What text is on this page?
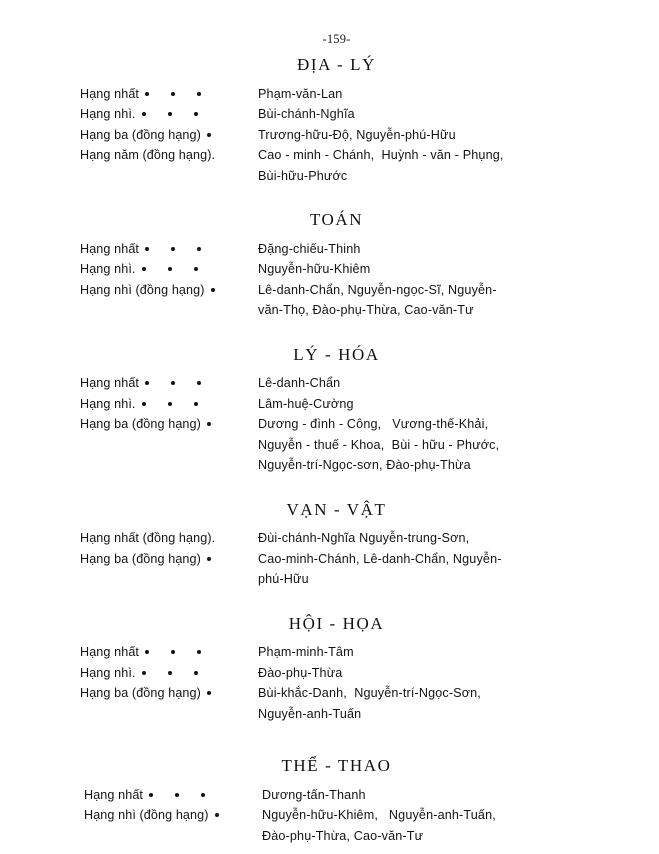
-159-
ĐỊA - LÝ
Hạng nhất	Phạm-văn-Lan
Hạng nhì.	Bùi-chánh-Nghĩa
Hạng ba (đồng hạng)	Trương-hữu-Độ, Nguyễn-phú-Hữu
Hạng năm (đồng hạng).	Cao - minh - Chánh,  Huỳnh - văn - Phụng,
Bùi-hữu-Phước
TOÁN
Hạng nhất	Đặng-chiếu-Thinh
Hạng nhì.	Nguyễn-hữu-Khiêm
Hạng nhì (đồng hạng)	Lê-danh-Chẩn, Nguyễn-ngọc-Sĩ, Nguyễn-
văn-Thọ, Đào-phụ-Thừa, Cao-văn-Tư
LÝ - HÓA
Hạng nhất	Lê-danh-Chẩn
Hạng nhì.	Lâm-huệ-Cường
Hạng ba (đồng hạng)	Dương - đình - Công,   Vương-thế-Khải,
Nguyễn - thuế - Khoa,  Bùi - hữu - Phước,
Nguyễn-trí-Ngọc-sơn, Đào-phụ-Thừa
VẠN - VẬT
Hạng nhất (đồng hạng).	Đùi-chánh-Nghĩa Nguyễn-trung-Sơn,
Hạng ba (đồng hạng)	Cao-minh-Chánh, Lê-danh-Chẩn, Nguyễn-
phú-Hữu
HỘI - HỌA
Hạng nhất	Phạm-minh-Tâm
Hạng nhì.	Đào-phụ-Thừa
Hạng ba (đồng hạng)	Bùi-khắc-Danh,  Nguyễn-trí-Ngọc-Sơn,
Nguyễn-anh-Tuấn
THỂ - THAO
Hạng nhất	Dương-tấn-Thanh
Hạng nhì (đồng hạng)	Nguyễn-hữu-Khiêm,   Nguyễn-anh-Tuấn,
Đào-phụ-Thừa, Cao-văn-Tư
